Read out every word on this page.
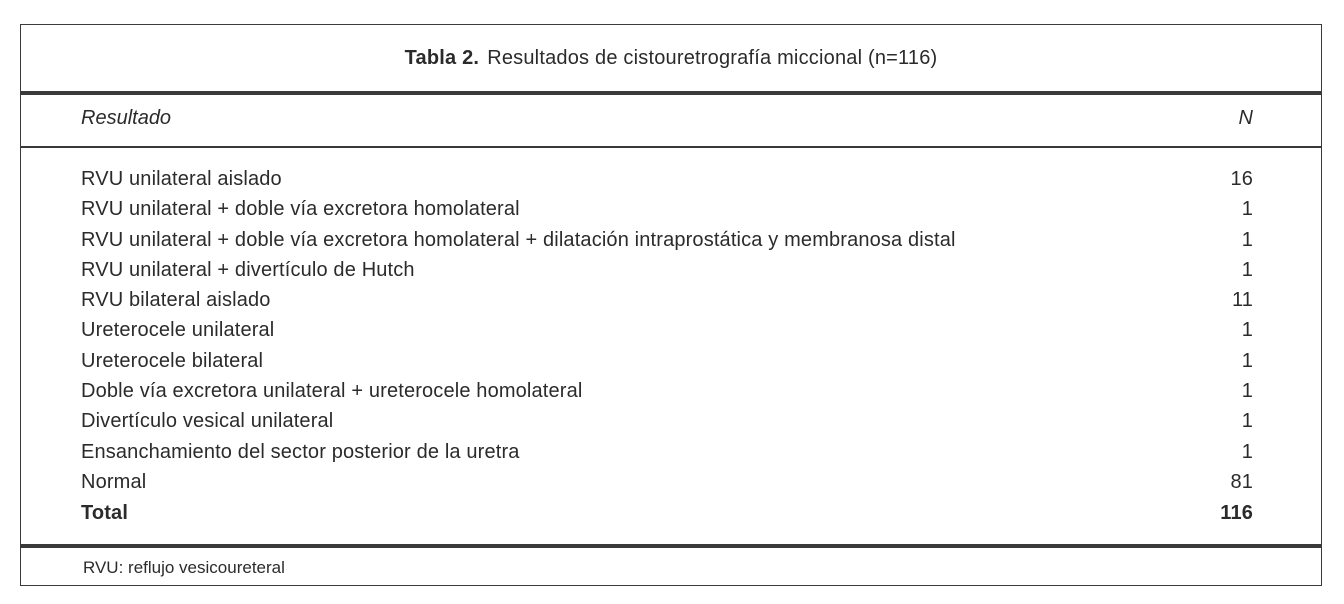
Tabla 2. Resultados de cistouretrografía miccional (n=116)
Resultado	N
RVU unilateral aislado	16
RVU unilateral + doble vía excretora homolateral	1
RVU unilateral + doble vía excretora homolateral + dilatación intraprostática y membranosa distal	1
RVU unilateral + divertículo de Hutch	1
RVU bilateral aislado	11
Ureterocele unilateral	1
Ureterocele bilateral	1
Doble vía excretora unilateral + ureterocele homolateral	1
Divertículo vesical unilateral	1
Ensanchamiento del sector posterior de la uretra	1
Normal	81
Total	116
RVU: reflujo vesicoureteral
